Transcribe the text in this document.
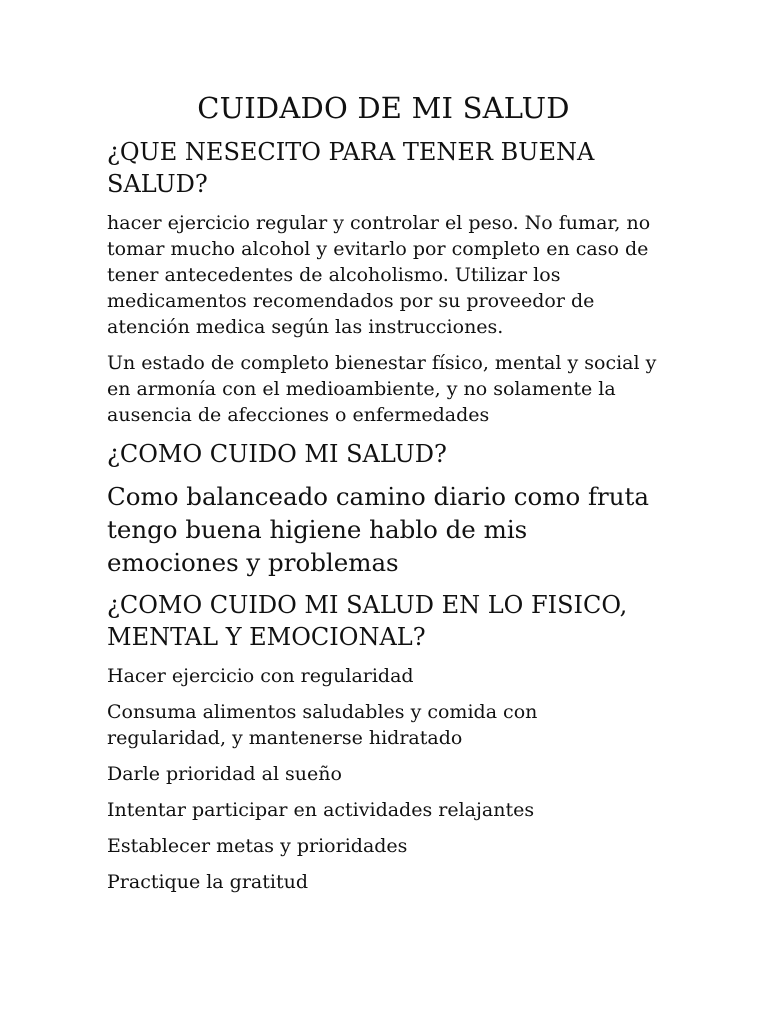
CUIDADO DE MI SALUD
¿QUE NESECITO PARA TENER BUENA SALUD?

hacer ejercicio regular y controlar el peso. No fumar, no tomar mucho alcohol y evitarlo por completo en caso de tener antecedentes de alcoholismo. Utilizar los medicamentos recomendados por su proveedor de atención medica según las instrucciones.

Un estado de completo bienestar físico, mental y social y en armonía con el medioambiente, y no solamente la ausencia de afecciones o enfermedades

¿COMO CUIDO MI SALUD?

Como balanceado camino diario como fruta tengo buena higiene hablo de mis emociones y problemas

¿COMO CUIDO MI SALUD EN LO FISICO, MENTAL Y EMOCIONAL?
Hacer ejercicio con regularidad
Consuma alimentos saludables y comida con regularidad, y mantenerse hidratado
Darle prioridad al sueño
Intentar participar en actividades relajantes
Establecer metas y prioridades
Practique la gratitud
